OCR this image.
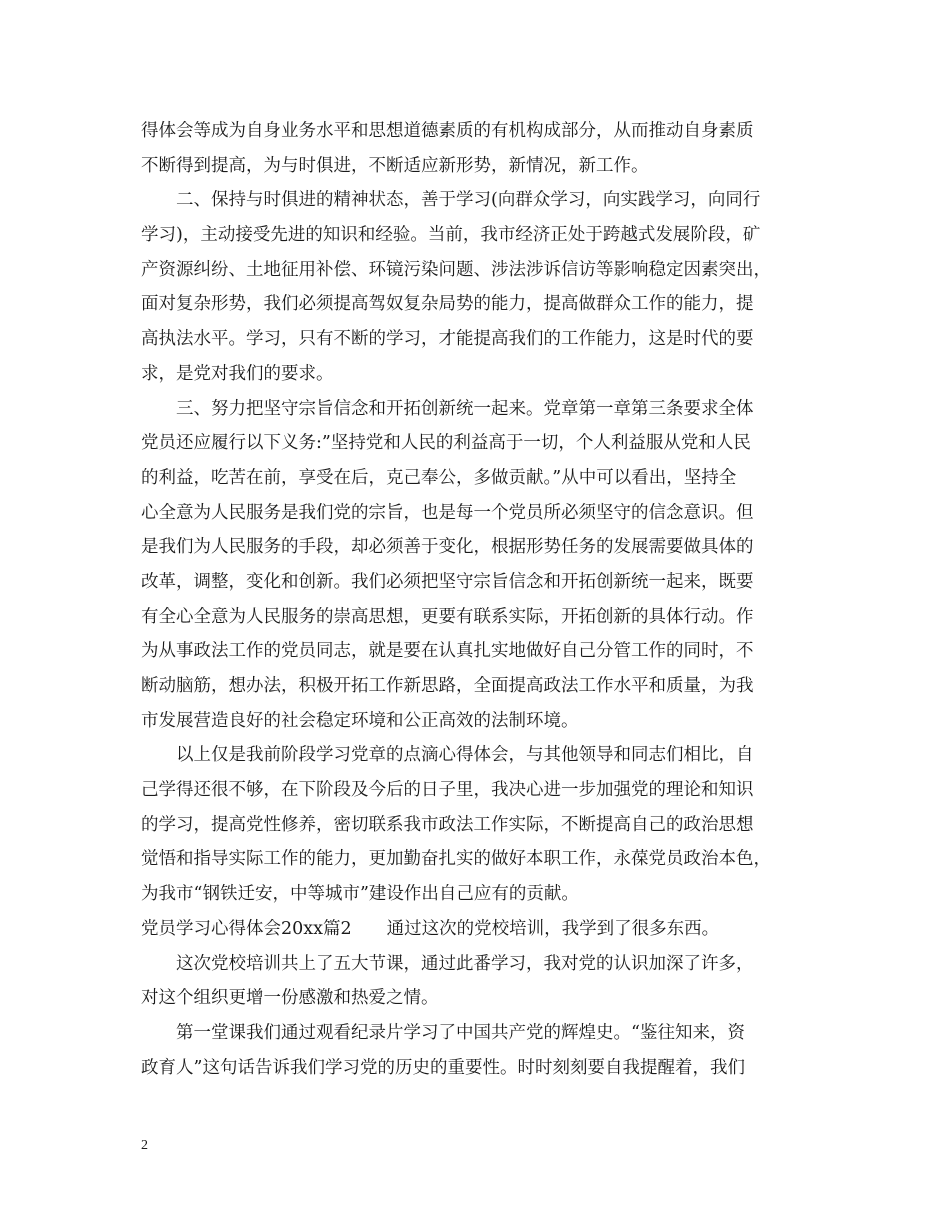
得体会等成为自身业务水平和思想道德素质的有机构成部分，从而推动自身素质
不断得到提高，为与时俱进，不断适应新形势，新情况，新工作。
二、保持与时俱进的精神状态，善于学习(向群众学习，向实践学习，向同行
学习)，主动接受先进的知识和经验。当前，我市经济正处于跨越式发展阶段，矿
产资源纠纷、土地征用补偿、环镜污染问题、涉法涉诉信访等影响稳定因素突出，
面对复杂形势，我们必须提高驾奴复杂局势的能力，提高做群众工作的能力，提
高执法水平。学习，只有不断的学习，才能提高我们的工作能力，这是时代的要
求，是党对我们的要求。
三、努力把坚守宗旨信念和开拓创新统一起来。党章第一章第三条要求全体
党员还应履行以下义务:”坚持党和人民的利益高于一切，个人利益服从党和人民
的利益，吃苦在前，享受在后，克己奉公，多做贡献。”从中可以看出，坚持全
心全意为人民服务是我们党的宗旨，也是每一个党员所必须坚守的信念意识。但
是我们为人民服务的手段，却必须善于变化，根据形势任务的发展需要做具体的
改革，调整，变化和创新。我们必须把坚守宗旨信念和开拓创新统一起来，既要
有全心全意为人民服务的崇高思想，更要有联系实际，开拓创新的具体行动。作
为从事政法工作的党员同志，就是要在认真扎实地做好自己分管工作的同时，不
断动脑筋，想办法，积极开拓工作新思路，全面提高政法工作水平和质量，为我
市发展营造良好的社会稳定环境和公正高效的法制环境。
以上仅是我前阶段学习党章的点滴心得体会，与其他领导和同志们相比，自
己学得还很不够，在下阶段及今后的日子里，我决心进一步加强党的理论和知识
的学习，提高党性修养，密切联系我市政法工作实际，不断提高自己的政治思想
觉悟和指导实际工作的能力，更加勤奋扎实的做好本职工作，永葆党员政治本色，
为我市“钢铁迁安，中等城市”建设作出自己应有的贡献。
党员学习心得体会20xx篇2　　通过这次的党校培训，我学到了很多东西。
这次党校培训共上了五大节课，通过此番学习，我对党的认识加深了许多，
对这个组织更增一份感激和热爱之情。
第一堂课我们通过观看纪录片学习了中国共产党的辉煌史。“鉴往知来，资
政育人”这句话告诉我们学习党的历史的重要性。时时刻刻要自我提醒着，我们
2
